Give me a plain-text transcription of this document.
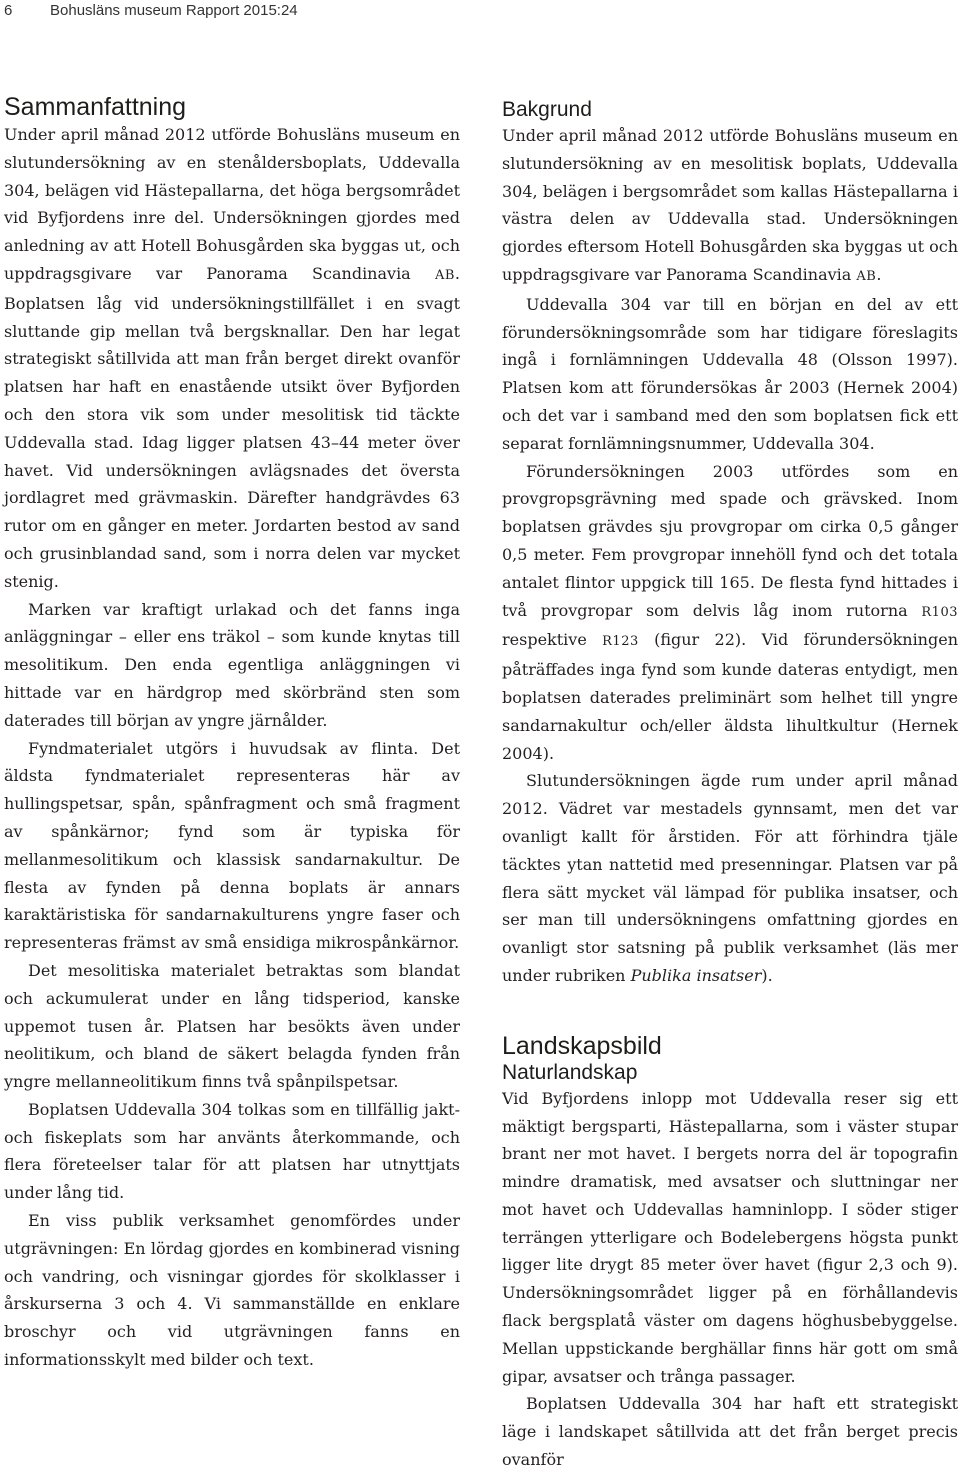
6	Bohusläns museum Rapport 2015:24
Sammanfattning

Under april månad 2012 utförde Bohusläns museum en slutundersökning av en stenåldersboplats, Uddevalla 304, belägen vid Hästepallarna, det höga bergsområdet vid Byfjordens inre del. Undersökningen gjordes med anledning av att Hotell Bohusgården ska byggas ut, och uppdragsgivare var Panorama Scandinavia AB. Boplatsen låg vid undersökningstillfället i en svagt sluttande gip mellan två bergsknallar. Den har legat strategiskt såtillvida att man från berget direkt ovanför platsen har haft en enastående utsikt över Byfjorden och den stora vik som under mesolitisk tid täckte Uddevalla stad. Idag ligger platsen 43–44 meter över havet. Vid undersökningen avlägsnades det översta jordlagret med grävmaskin. Därefter handgrävdes 63 rutor om en gånger en meter. Jordarten bestod av sand och grusinblandad sand, som i norra delen var mycket stenig.

Marken var kraftigt urlakad och det fanns inga anläggningar – eller ens träkol – som kunde knytas till mesolitikum. Den enda egentliga anläggningen vi hittade var en härdgrop med skörbränd sten som daterades till början av yngre järnålder.

Fyndmaterialet utgörs i huvudsak av flinta. Det äldsta fyndmaterialet representeras här av hullingspetsar, spån, spånfragment och små fragment av spånkärnor; fynd som är typiska för mellanmesolitikum och klassisk sandarnakultur. De flesta av fynden på denna boplats är annars karaktäristiska för sandarnakulturens yngre faser och representeras främst av små ensidiga mikrospånkärnor.

Det mesolitiska materialet betraktas som blandat och ackumulerat under en lång tidsperiod, kanske uppemot tusen år. Platsen har besökts även under neolitikum, och bland de säkert belagda fynden från yngre mellanneolitikum finns två spånpilspetsar.

Boplatsen Uddevalla 304 tolkas som en tillfällig jakt- och fiskeplats som har använts återkommande, och flera företeelser talar för att platsen har utnyttjats under lång tid.

En viss publik verksamhet genomfördes under utgrävningen: En lördag gjordes en kombinerad visning och vandring, och visningar gjordes för skolklasser i årskurserna 3 och 4. Vi sammanställde en enklare broschyr och vid utgrävningen fanns en informationsskylt med bilder och text.

Bakgrund

Under april månad 2012 utförde Bohusläns museum en slutundersökning av en mesolitisk boplats, Uddevalla 304, belägen i bergsområdet som kallas Hästepallarna i västra delen av Uddevalla stad. Undersökningen gjordes eftersom Hotell Bohusgården ska byggas ut och uppdragsgivare var Panorama Scandinavia AB.

Uddevalla 304 var till en början en del av ett förundersökningsområde som har tidigare föreslagits ingå i fornlämningen Uddevalla 48 (Olsson 1997). Platsen kom att förundersökas år 2003 (Hernek 2004) och det var i samband med den som boplatsen fick ett separat fornlämningsnummer, Uddevalla 304.

Förundersökningen 2003 utfördes som en provgropsgrävning med spade och grävsked. Inom boplatsen grävdes sju provgropar om cirka 0,5 gånger 0,5 meter. Fem provgropar innehöll fynd och det totala antalet flintor uppgick till 165. De flesta fynd hittades i två provgropar som delvis låg inom rutorna R103 respektive R123 (figur 22). Vid förundersökningen påträffades inga fynd som kunde dateras entydigt, men boplatsen daterades preliminärt som helhet till yngre sandarnakultur och/eller äldsta lihultkultur (Hernek 2004).

Slutundersökningen ägde rum under april månad 2012. Vädret var mestadels gynnsamt, men det var ovanligt kallt för årstiden. För att förhindra tjäle täcktes ytan nattetid med presenningar. Platsen var på flera sätt mycket väl lämpad för publika insatser, och ser man till undersökningens omfattning gjordes en ovanligt stor satsning på publik verksamhet (läs mer under rubriken Publika insatser).

Landskapsbild
Naturlandskap

Vid Byfjordens inlopp mot Uddevalla reser sig ett mäktigt bergsparti, Hästepallarna, som i väster stupar brant ner mot havet. I bergets norra del är topografin mindre dramatisk, med avsatser och sluttningar ner mot havet och Uddevallas hamninlopp. I söder stiger terrängen ytterligare och Bodelebergens högsta punkt ligger lite drygt 85 meter över havet (figur 2,3 och 9). Undersökningsområdet ligger på en förhållandevis flack bergsplatå väster om dagens höghusbebyggelse. Mellan uppstickande berghällar finns här gott om små gipar, avsatser och trånga passager.

Boplatsen Uddevalla 304 har haft ett strategiskt läge i landskapet såtillvida att det från berget precis ovanför
